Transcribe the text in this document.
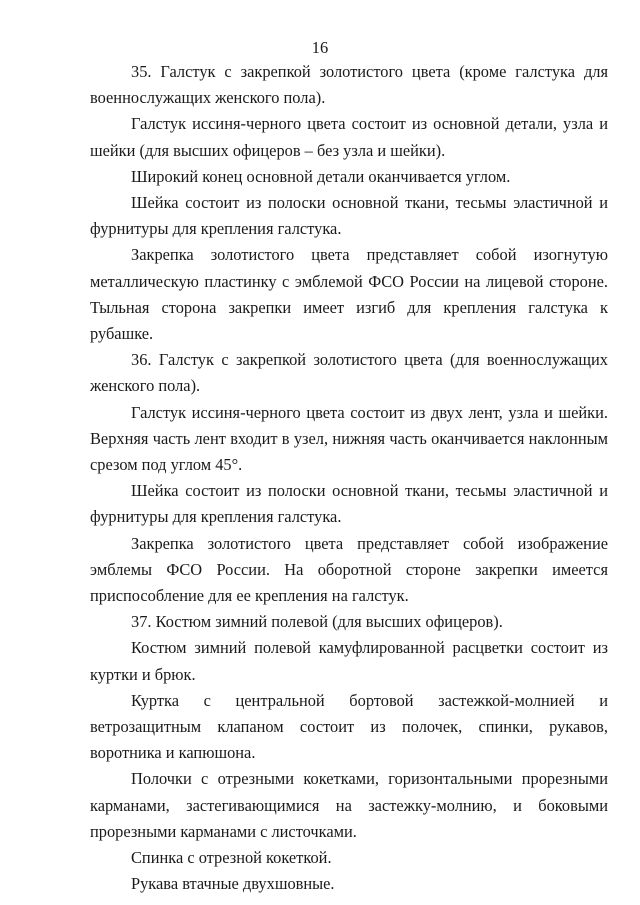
16

35. Галстук с закрепкой золотистого цвета (кроме галстука для военнослужащих женского пола).

Галстук иссиня-черного цвета состоит из основной детали, узла и шейки (для высших офицеров – без узла и шейки).

Широкий конец основной детали оканчивается углом.

Шейка состоит из полоски основной ткани, тесьмы эластичной и фурнитуры для крепления галстука.

Закрепка золотистого цвета представляет собой изогнутую металлическую пластинку с эмблемой ФСО России на лицевой стороне. Тыльная сторона закрепки имеет изгиб для крепления галстука к рубашке.

36. Галстук с закрепкой золотистого цвета (для военнослужащих женского пола).

Галстук иссиня-черного цвета состоит из двух лент, узла и шейки. Верхняя часть лент входит в узел, нижняя часть оканчивается наклонным срезом под углом 45°.

Шейка состоит из полоски основной ткани, тесьмы эластичной и фурнитуры для крепления галстука.

Закрепка золотистого цвета представляет собой изображение эмблемы ФСО России. На оборотной стороне закрепки имеется приспособление для ее крепления на галстук.

37. Костюм зимний полевой (для высших офицеров).

Костюм зимний полевой камуфлированной расцветки состоит из куртки и брюк.

Куртка с центральной бортовой застежкой-молнией и ветрозащитным клапаном состоит из полочек, спинки, рукавов, воротника и капюшона.

Полочки с отрезными кокетками, горизонтальными прорезными карманами, застегивающимися на застежку-молнию, и боковыми прорезными карманами с листочками.

Спинка с отрезной кокеткой.

Рукава втачные двухшовные.
